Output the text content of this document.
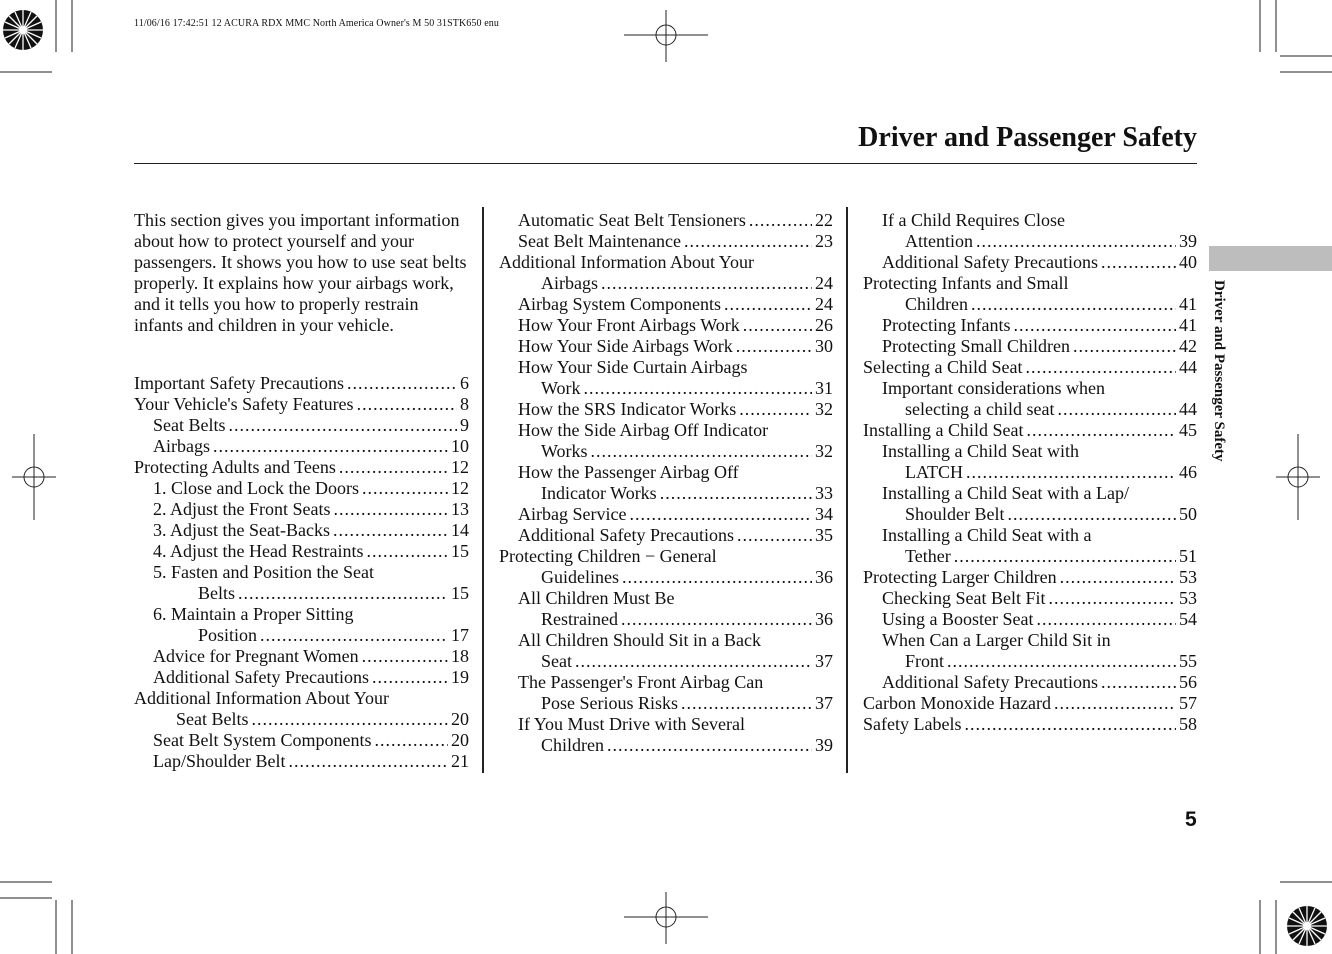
11/06/16 17:42:51 12 ACURA RDX MMC North America Owner's M 50 31STK650 enu
Driver and Passenger Safety
Driver and Passenger Safety
This section gives you important information about how to protect yourself and your passengers. It shows you how to use seat belts properly. It explains how your airbags work, and it tells you how to properly restrain infants and children in your vehicle.
Important Safety Precautions .....	6
Your Vehicle's Safety Features .....	8
Seat Belts .....	9
Airbags .....	10
Protecting Adults and Teens .....	12
1. Close and Lock the Doors .....	12
2. Adjust the Front Seats .....	13
3. Adjust the Seat-Backs .....	14
4. Adjust the Head Restraints .....	15
5. Fasten and Position the Seat
Belts .....	15
6. Maintain a Proper Sitting
Position .....	17
Advice for Pregnant Women .....	18
Additional Safety Precautions .....	19
Additional Information About Your
Seat Belts .....	20
Seat Belt System Components .....	20
Lap/Shoulder Belt .....	21
Automatic Seat Belt Tensioners .....	22
Seat Belt Maintenance .....	23
Additional Information About Your
Airbags .....	24
Airbag System Components .....	24
How Your Front Airbags Work .....	26
How Your Side Airbags Work .....	30
How Your Side Curtain Airbags
Work .....	31
How the SRS Indicator Works .....	32
How the Side Airbag Off Indicator
Works .....	32
How the Passenger Airbag Off
Indicator Works .....	33
Airbag Service .....	34
Additional Safety Precautions .....	35
Protecting Children − General
Guidelines .....	36
All Children Must Be
Restrained .....	36
All Children Should Sit in a Back
Seat .....	37
The Passenger's Front Airbag Can
Pose Serious Risks .....	37
If You Must Drive with Several
Children .....	39
If a Child Requires Close
Attention .....	39
Additional Safety Precautions .....	40
Protecting Infants and Small
Children .....	41
Protecting Infants .....	41
Protecting Small Children .....	42
Selecting a Child Seat .....	44
Important considerations when
selecting a child seat .....	44
Installing a Child Seat .....	45
Installing a Child Seat with
LATCH .....	46
Installing a Child Seat with a Lap/
Shoulder Belt .....	50
Installing a Child Seat with a
Tether .....	51
Protecting Larger Children .....	53
Checking Seat Belt Fit .....	53
Using a Booster Seat .....	54
When Can a Larger Child Sit in
Front .....	55
Additional Safety Precautions .....	56
Carbon Monoxide Hazard .....	57
Safety Labels .....	58
5
